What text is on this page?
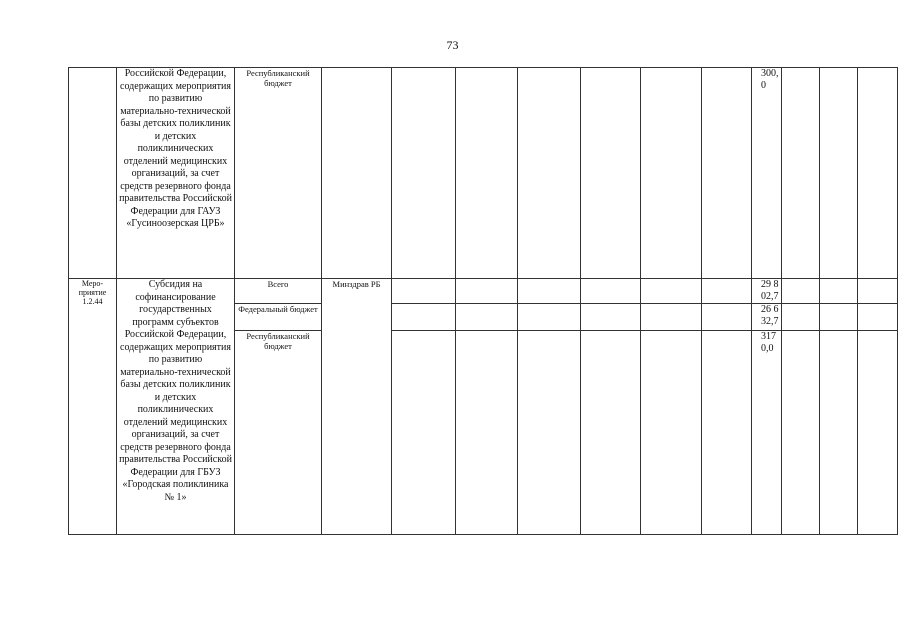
73
	Российской Федерации, содержащих мероприятия по развитию материально-технической базы детских поликлиник и детских поликлинических отделений медицинских организаций, за счет средств резервного фонда правительства Российской Федерации для ГАУЗ «Гусиноозерская ЦРБ»	Республиканский бюджет								300, 0			
Меро-приятие 1.2.44	Субсидия на софинансирование государственных программ субъектов Российской Федерации, содержащих мероприятия по развитию материально-технической базы детских поликлиник и детских поликлинических отделений медицинских организаций, за счет средств резервного фонда правительства Российской Федерации для ГБУЗ «Городская поликлиника № 1»	Всего	Минздрав РБ							29 8 02,7			
		Федеральный бюджет								26 6 32,7			
		Республиканский бюджет								317 0,0			
